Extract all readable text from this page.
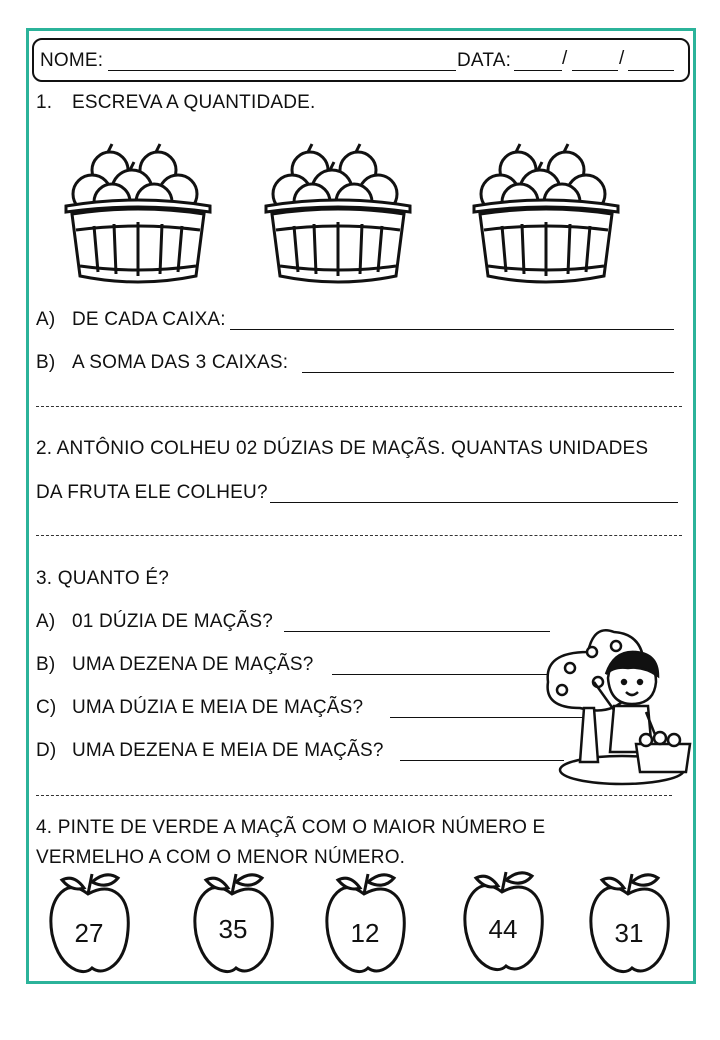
NOME:	DATA:	/	/
1. ESCREVA A QUANTIDADE.
A) DE CADA CAIXA:
B) A SOMA DAS 3 CAIXAS:
2. ANTÔNIO COLHEU 02 DÚZIAS DE MAÇÃS. QUANTAS UNIDADES
DA FRUTA ELE COLHEU?
3. QUANTO É?
A) 01 DÚZIA DE MAÇÃS?
B) UMA DEZENA DE MAÇÃS?
C) UMA DÚZIA E MEIA DE MAÇÃS?
D) UMA DEZENA E MEIA DE MAÇÃS?
4. PINTE DE VERDE A MAÇÃ COM O MAIOR NÚMERO E
VERMELHO A COM O MENOR NÚMERO.
27	35	12	44	31
